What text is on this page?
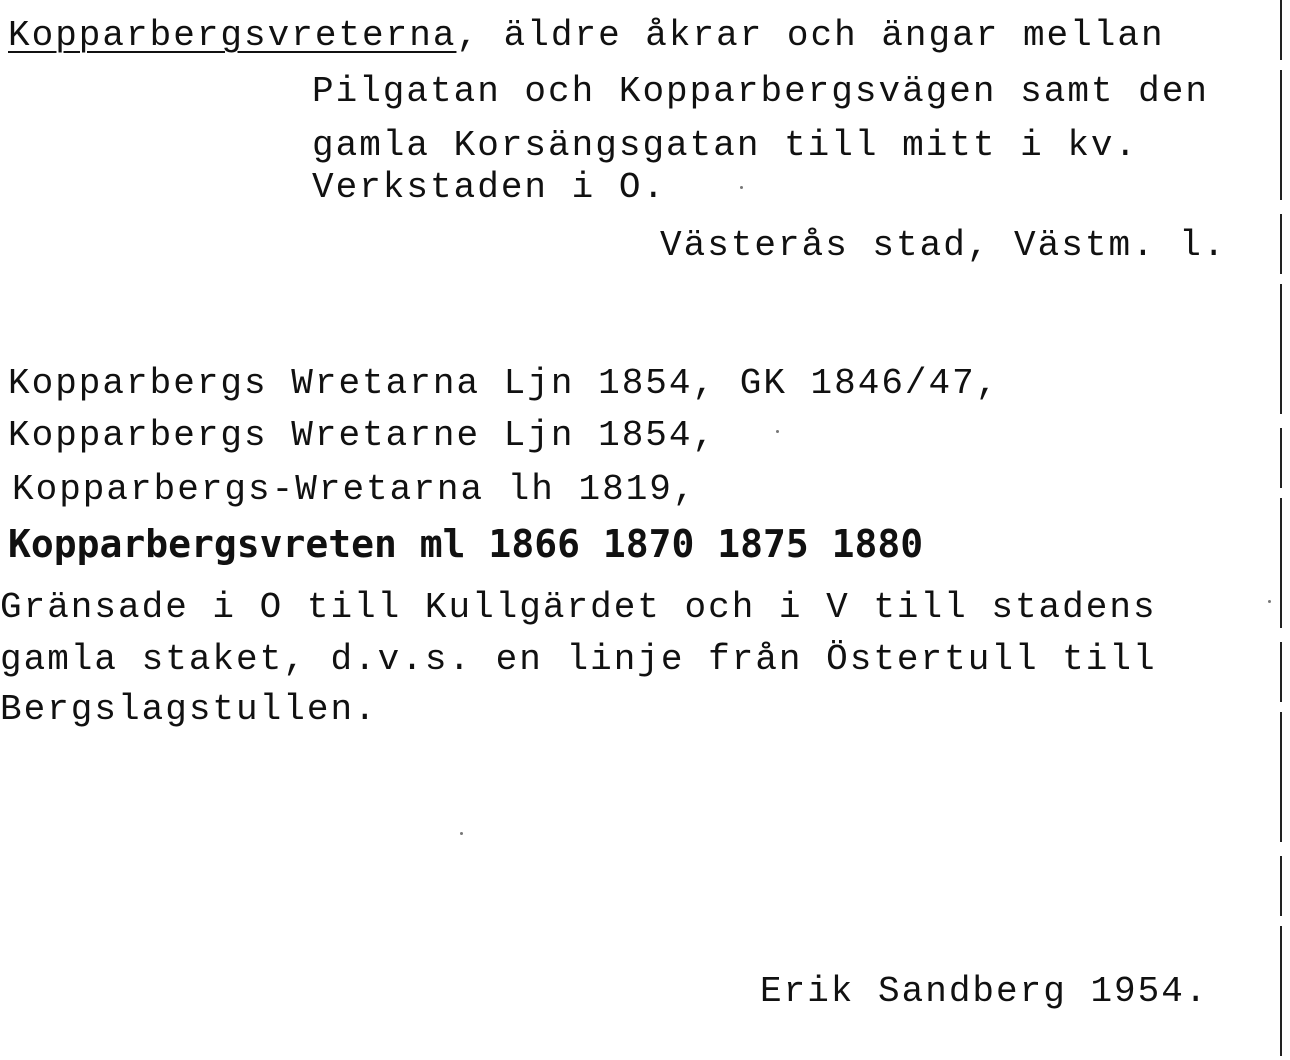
Kopparbergsvreterna, äldre åkrar och ängar mellan
Pilgatan och Kopparbergsvägen samt den
gamla Korsängsgatan till mitt i kv.
Verkstaden i O.
Västerås stad, Västm. l.
Kopparbergs Wretarna Ljn 1854, GK 1846/47,
Kopparbergs Wretarne Ljn 1854,
Kopparbergs-Wretarna lh 1819,
Kopparbergsvreten ml 1866 1870 1875 1880
Gränsade i O till Kullgärdet och i V till stadens
gamla staket, d.v.s. en linje från Östertull till
Bergslagstullen.
Erik Sandberg 1954.
